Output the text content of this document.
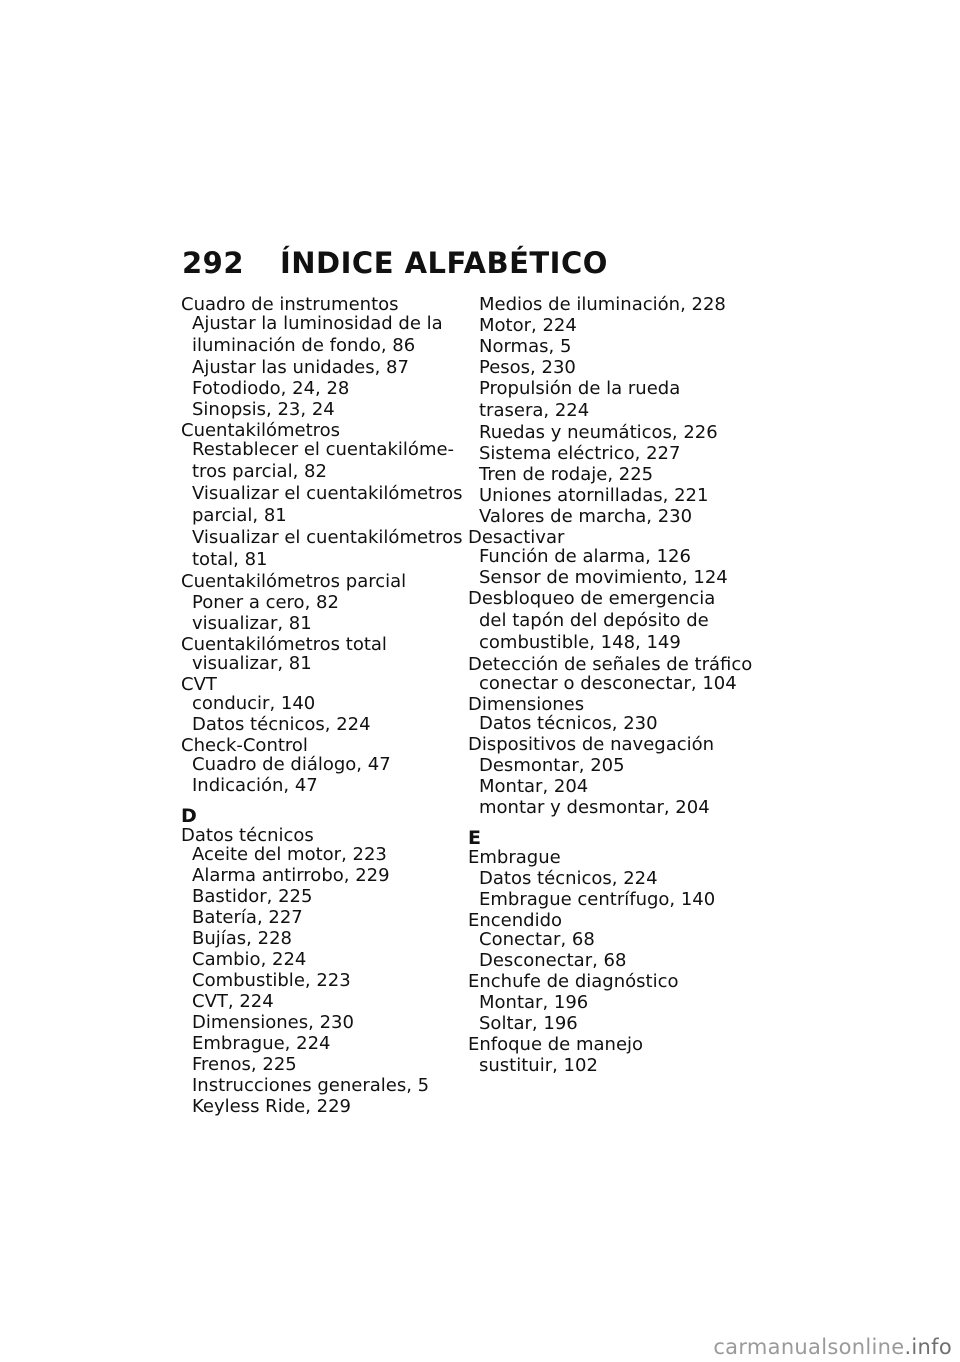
292 ÍNDICE ALFABÉTICO
Cuadro de instrumentos
Ajustar la luminosidad de la
iluminación de fondo, 86
Ajustar las unidades, 87
Fotodiodo, 24, 28
Sinopsis, 23, 24
Cuentakilómetros
Restablecer el cuentakilóme-
tros parcial, 82
Visualizar el cuentakilómetros
parcial, 81
Visualizar el cuentakilómetros
total, 81
Cuentakilómetros parcial
Poner a cero, 82
visualizar, 81
Cuentakilómetros total
visualizar, 81
CVT
conducir, 140
Datos técnicos, 224
Check-Control
Cuadro de diálogo, 47
Indicación, 47
D
Datos técnicos
Aceite del motor, 223
Alarma antirrobo, 229
Bastidor, 225
Batería, 227
Bujías, 228
Cambio, 224
Combustible, 223
CVT, 224
Dimensiones, 230
Embrague, 224
Frenos, 225
Instrucciones generales, 5
Keyless Ride, 229
Medios de iluminación, 228
Motor, 224
Normas, 5
Pesos, 230
Propulsión de la rueda
trasera, 224
Ruedas y neumáticos, 226
Sistema eléctrico, 227
Tren de rodaje, 225
Uniones atornilladas, 221
Valores de marcha, 230
Desactivar
Función de alarma, 126
Sensor de movimiento, 124
Desbloqueo de emergencia
del tapón del depósito de
combustible, 148, 149
Detección de señales de tráfico
conectar o desconectar, 104
Dimensiones
Datos técnicos, 230
Dispositivos de navegación
Desmontar, 205
Montar, 204
montar y desmontar, 204
E
Embrague
Datos técnicos, 224
Embrague centrífugo, 140
Encendido
Conectar, 68
Desconectar, 68
Enchufe de diagnóstico
Montar, 196
Soltar, 196
Enfoque de manejo
sustituir, 102
carmanualsonline.info
